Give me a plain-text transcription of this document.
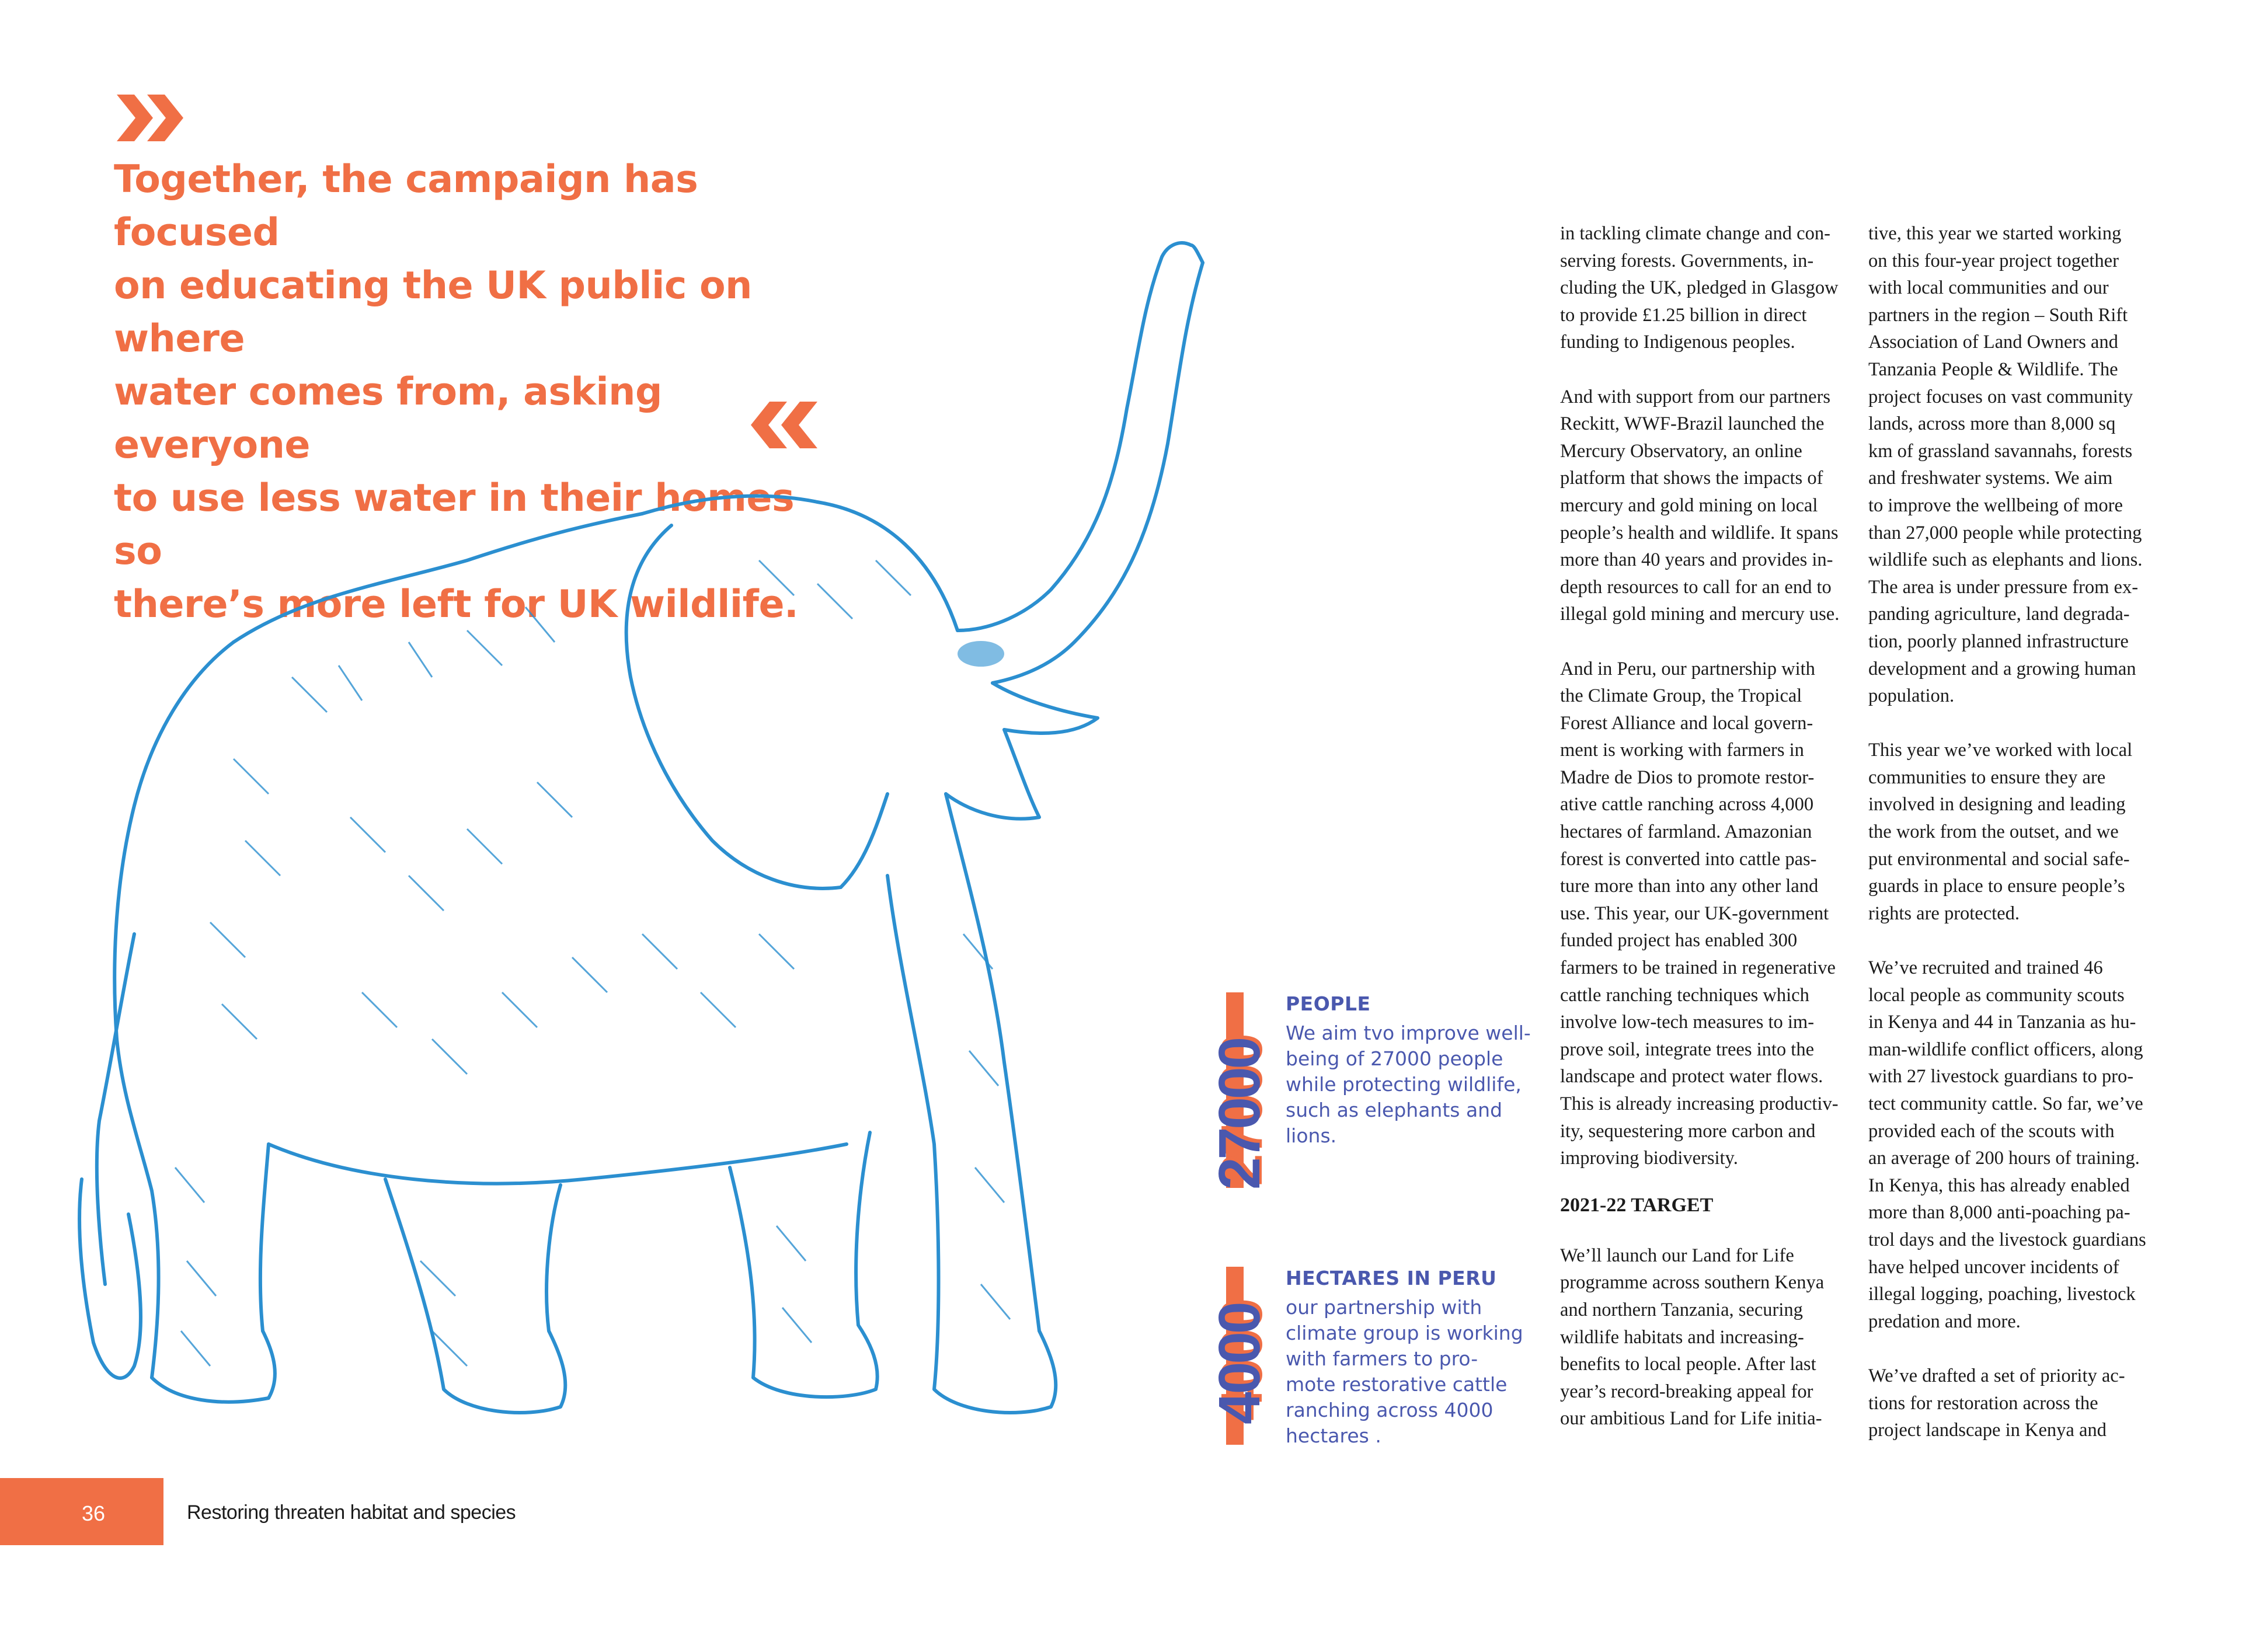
Together, the campaign has focused
on educating the UK public on where
water comes from, asking everyone
to use less water in their homes so
there’s more left for UK wildlife.
27000
PEOPLE
We aim tvo improve well-
being of 27000 people
while protecting wildlife,
such as elephants and
lions.
4000
HECTARES IN PERU
our partnership with
climate group is working
with farmers to pro-
mote restorative cattle
ranching across 4000
hectares .

in tackling climate change and con-
serving forests. Governments, in-
cluding the UK, pledged in Glasgow
to provide £1.25 billion in direct
funding to Indigenous peoples.

And with support from our partners
Reckitt, WWF-Brazil launched the
Mercury Observatory, an online
platform that shows the impacts of
mercury and gold mining on local
people’s health and wildlife. It spans
more than 40 years and provides in-
depth resources to call for an end to
illegal gold mining and mercury use.

And in Peru, our partnership with
the Climate Group, the Tropical
Forest Alliance and local govern-
ment is working with farmers in
Madre de Dios to promote restor-
ative cattle ranching across 4,000
hectares of farmland. Amazonian
forest is converted into cattle pas-
ture more than into any other land
use. This year, our UK-government
funded project has enabled 300
farmers to be trained in regenerative
cattle ranching techniques which
involve low-tech measures to im-
prove soil, integrate trees into the
landscape and protect water flows.
This is already increasing productiv-
ity, sequestering more carbon and
improving biodiversity.

2021-22 TARGET

We’ll launch our Land for Life
programme across southern Kenya
and northern Tanzania, securing
wildlife habitats and increasing-
benefits to local people. After last
year’s record-breaking appeal for
our ambitious Land for Life initia-

tive, this year we started working
on this four-year project together
with local communities and our
partners in the region – South Rift
Association of Land Owners and
Tanzania People & Wildlife. The
project focuses on vast community
lands, across more than 8,000 sq
km of grassland savannahs, forests
and freshwater systems. We aim
to improve the wellbeing of more
than 27,000 people while protecting
wildlife such as elephants and lions.
The area is under pressure from ex-
panding agriculture, land degrada-
tion, poorly planned infrastructure
development and a growing human
population.

This year we’ve worked with local
communities to ensure they are
involved in designing and leading
the work from the outset, and we
put environmental and social safe-
guards in place to ensure people’s
rights are protected.

We’ve recruited and trained 46
local people as community scouts
in Kenya and 44 in Tanzania as hu-
man-wildlife conflict officers, along
with 27 livestock guardians to pro-
tect community cattle. So far, we’ve
provided each of the scouts with
an average of 200 hours of training.
In Kenya, this has already enabled
more than 8,000 anti-poaching pa-
trol days and the livestock guardians
have helped uncover incidents of
illegal logging, poaching, livestock
predation and more.

We’ve drafted a set of priority ac-
tions for restoration across the
project landscape in Kenya and

36	Restoring threaten habitat and species
